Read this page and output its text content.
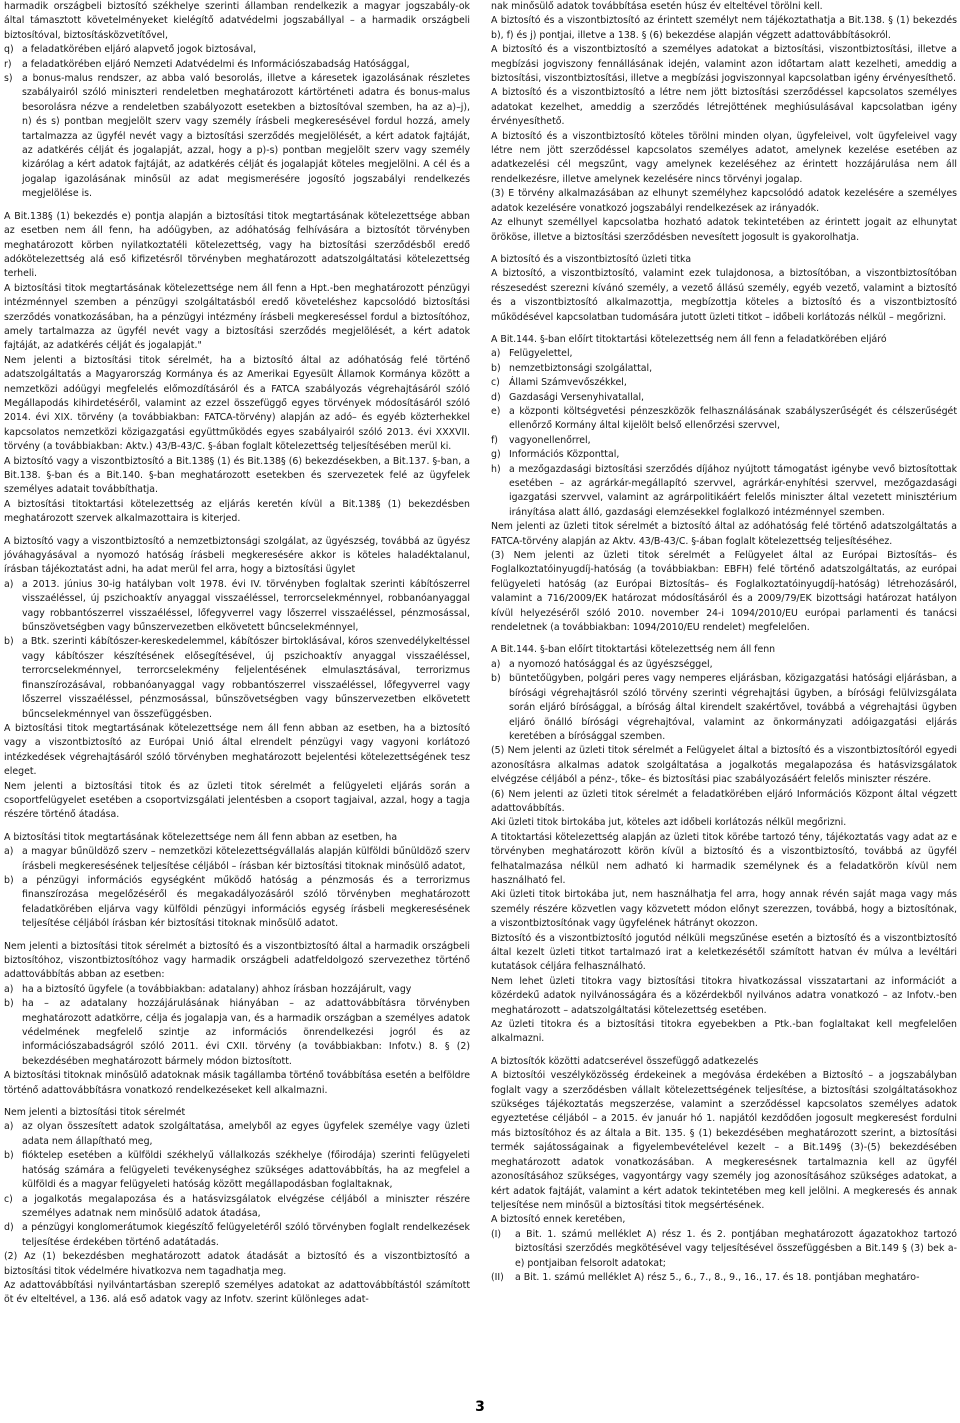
harmadik országbeli biztosító székhelye szerinti államban rendelkezik a magyar jogszabály-ok által támasztott követelményeket kielégítő adatvédelmi jogszabállyal – a harmadik országbeli biztosítóval, biztosításközvetítővel,

q) a feladatkörében eljáró alapvető jogok biztosával,
r)	a feladatkörében eljáró Nemzeti Adatvédelmi és Információszabadság Hatósággal,
s)	a bonus-malus rendszer, az abba való besorolás, illetve a káresetek igazolásának részletes szabályairól szóló miniszteri rendeletben meghatározott kártörténeti adatra és bonus-malus besorolásra nézve a rendeletben szabályozott esetekben a biztosítóval szemben, ha az a)–j), n) és s) pontban megjelölt szerv vagy személy írásbeli megkeresésével fordul hozzá, amely tartalmazza az ügyfél nevét vagy a biztosítási szerződés megjelölését, a kért adatok fajtáját, az adatkérés célját és jogalapját, azzal, hogy a p)-s) pontban megjelölt szerv vagy személy kizárólag a kért adatok fajtáját, az adatkérés célját és jogalapját köteles megjelölni. A cél és a jogalap igazolásának minősül az adat megismerésére jogosító jogszabályi rendelkezés megjelölése is.

A Bit.138§ (1) bekezdés e) pontja alapján a biztosítási titok megtartásának kötelezettsége abban az esetben nem áll fenn, ha adóügyben, az adóhatóság felhívására a biztosítót törvényben meghatározott körben nyilatkoztatéli kötelezettség, vagy ha biztosítási szerződésből eredő adókötelezettség alá eső kifizetésről törvényben meghatározott adatszolgáltatási kötelezettség terheli.

A biztosítási titok megtartásának kötelezettsége nem áll fenn a Hpt.-ben meghatározott pénzügyi intézménnyel szemben a pénzügyi szolgáltatásból eredő követeléshez kapcsolódó biztosítási szerződés vonatkozásában, ha a pénzügyi intézmény írásbeli megkereséssel fordul a biztosítóhoz, amely tartalmazza az ügyfél nevét vagy a biztosítási szerződés megjelölését, a kért adatok fajtáját, az adatkérés célját és jogalapját."

Nem jelenti a biztosítási titok sérelmét, ha a biztosító által az adóhatóság felé történő adatszolgáltatás a Magyarország Kormánya és az Amerikai Egyesült Államok Kormánya között a nemzetközi adóügyi megfelelés előmozdításáról és a FATCA szabályozás végrehajtásáról szóló Megállapodás kihirdetéséről, valamint az ezzel összefüggő egyes törvények módosításáról szóló 2014. évi XIX. törvény (a továbbiakban: FATCA-törvény) alapján az adó– és egyéb közterhekkel kapcsolatos nemzetközi közigazgatási együttműködés egyes szabályairól szóló 2013. évi XXXVII. törvény (a továbbiakban: Aktv.) 43/B-43/C. §-ában foglalt kötelezettség teljesítésében merül ki.

A biztosító vagy a viszontbiztosító a Bit.138§ (1) és Bit.138§ (6) bekezdésekben, a Bit.137. §-ban, a Bit.138. §-ban és a Bit.140. §-ban meghatározott esetekben és szervezetek felé az ügyfelek személyes adatait továbbíthatja.

A biztosítási titoktartási kötelezettség az eljárás keretén kívül a Bit.138§ (1) bekezdésben meghatározott szervek alkalmazottaira is kiterjed.

A biztosító vagy a viszontbiztosító a nemzetbiztonsági szolgálat, az ügyészség, továbbá az ügyész jóváhagyásával a nyomozó hatóság írásbeli megkeresésére akkor is köteles haladéktalanul, írásban tájékoztatást adni, ha adat merül fel arra, hogy a biztosítási ügylet

a) a 2013. június 30-ig hatályban volt 1978. évi IV. törvényben foglaltak szerinti kábítószerrel visszaéléssel, új pszichoaktív anyaggal visszaéléssel, terrorcselekménnyel, robbanóanyaggal vagy robbantószerrel visszaéléssel, lőfegyverrel vagy lőszerrel visszaéléssel, pénzmosással, bűnszövetségben vagy bűnszervezetben elkövetett bűncselekménnyel,
b) a Btk. szerinti kábítószer-kereskedelemmel, kábítószer birtoklásával, kóros szenvedélykeltéssel vagy kábítószer készítésének elősegítésével, új pszichoaktív anyaggal visszaéléssel, terrorcselekménnyel, terrorcselekmény feljelentésének elmulasztásával, terrorizmus finanszírozásával, robbanóanyaggal vagy robbantószerrel visszaéléssel, lőfegyverrel vagy lőszerrel visszaéléssel, pénzmosással, bűnszövetségben vagy bűnszervezetben elkövetett bűncselekménnyel van összefüggésben.

A biztosítási titok megtartásának kötelezettsége nem áll fenn abban az esetben, ha a biztosító vagy a viszontbiztosító az Európai Unió által elrendelt pénzügyi vagy vagyoni korlátozó intézkedések végrehajtásáról szóló törvényben meghatározott bejelentési kötelezettségének tesz eleget.

Nem jelenti a biztosítási titok és az üzleti titok sérelmét a felügyeleti eljárás során a csoportfelügyelet esetében a csoportvizsgálati jelentésben a csoport tagjaival, azzal, hogy a tagja részére történő átadása.

A biztosítási titok megtartásának kötelezettsége nem áll fenn abban az esetben, ha

a) a magyar bűnüldöző szerv – nemzetközi kötelezettségvállalás alapján külföldi bűnüldöző szerv írásbeli megkeresésének teljesítése céljából – írásban kér biztosítási titoknak minősülő adatot,
b) a pénzügyi információs egységként működő hatóság a pénzmosás és a terrorizmus finanszírozása megelőzéséről és megakadályozásáról szóló törvényben meghatározott feladatkörében eljárva vagy külföldi pénzügyi információs egység írásbeli megkeresésének teljesítése céljából írásban kér biztosítási titoknak minősülő adatot.

Nem jelenti a biztosítási titok sérelmét a biztosító és a viszontbiztosító által a harmadik országbeli biztosítóhoz, viszontbiztosítóhoz vagy harmadik országbeli adatfeldolgozó szervezethez történő adattovábbítás abban az esetben:

a) ha a biztosító ügyfele (a továbbiakban: adatalany) ahhoz írásban hozzájárult, vagy
b) ha – az adatalany hozzájárulásának hiányában – az adattovábbításra törvényben meghatározott adatkörre, célja és jogalapja van, és a harmadik országban a személyes adatok védelmének megfelelő szintje az információs önrendelkezési jogról és az információszabadságról szóló 2011. évi CXII. törvény (a továbbiakban: Infotv.) 8. § (2) bekezdésében meghatározott bármely módon biztosított.

A biztosítási titoknak minősülő adatoknak másik tagállamba történő továbbítása esetén a belföldre történő adattovábbításra vonatkozó rendelkezéseket kell alkalmazni.

Nem jelenti a biztosítási titok sérelmét

a) az olyan összesített adatok szolgáltatása, amelyből az egyes ügyfelek személye vagy üzleti adata nem állapítható meg,
b) fióktelep esetében a külföldi székhelyű vállalkozás székhelye (főirodája) szerinti felügyeleti hatóság számára a felügyeleti tevékenységhez szükséges adattovábbítás, ha az megfelel a külföldi és a magyar felügyeleti hatóság között megállapodásban foglaltaknak,
c) a jogalkotás megalapozása és a hatásvizsgálatok elvégzése céljából a miniszter részére személyes adatnak nem minősülő adatok átadása,
d) a pénzügyi konglomerátumok kiegészítő felügyeletéről szóló törvényben foglalt rendelkezések teljesítése érdekében történő adatátadás.

(2) Az (1) bekezdésben meghatározott adatok átadását a biztosító és a viszontbiztosító a biztosítási titok védelmére hivatkozva nem tagadhatja meg.

Az adattovábbítási nyilvántartásban szereplő személyes adatokat az adattovábbítástól számított öt év elteltével, a 136. alá eső adatok vagy az Infotv. szerint különleges adat-

nak minősülő adatok továbbítása esetén húsz év elteltével törölni kell.

A biztosító és a viszontbiztosító az érintett személyt nem tájékoztathatja a Bit.138. § (1) bekezdés b), f) és j) pontjai, illetve a 138. § (6) bekezdése alapján végzett adattovábbításokról.

A biztosító és a viszontbiztosító a személyes adatokat a biztosítási, viszontbiztosítási, illetve a megbízási jogviszony fennállásának idején, valamint azon időtartam alatt kezelheti, ameddig a biztosítási, viszontbiztosítási, illetve a megbízási jogviszonnyal kapcsolatban igény érvényesíthető.

A biztosító és a viszontbiztosító a létre nem jött biztosítási szerződéssel kapcsolatos személyes adatokat kezelhet, ameddig a szerződés létrejöttének meghiúsulásával kapcsolatban igény érvényesíthető.

A biztosító és a viszontbiztosító köteles törölni minden olyan, ügyfeleivel, volt ügyfeleivel vagy létre nem jött szerződéssel kapcsolatos személyes adatot, amelynek kezelése esetében az adatkezelési cél megszűnt, vagy amelynek kezeléséhez az érintett hozzájárulása nem áll rendelkezésre, illetve amelynek kezelésére nincs törvényi jogalap.

(3) E törvény alkalmazásában az elhunyt személyhez kapcsolódó adatok kezelésére a személyes adatok kezelésére vonatkozó jogszabályi rendelkezések az irányadók.

Az elhunyt személlyel kapcsolatba hozható adatok tekintetében az érintett jogait az elhunytat örököse, illetve a biztosítási szerződésben nevesített jogosult is gyakorolhatja.

A biztosító és a viszontbiztosító üzleti titka

A biztosító, a viszontbiztosító, valamint ezek tulajdonosa, a biztosítóban, a viszontbiztosítóban részesedést szerezni kívánó személy, a vezető állású személy, egyéb vezető, valamint a biztosító és a viszontbiztosító alkalmazottja, megbízottja köteles a biztosító és a viszontbiztosító működésével kapcsolatban tudomására jutott üzleti titkot – időbeli korlátozás nélkül – megőrizni.

A Bit.144. §-ban előírt titoktartási kötelezettség nem áll fenn a feladatkörében eljáró

a) Felügyelettel,
b) nemzetbiztonsági szolgálattal,
c) Állami Számvevőszékkel,
d) Gazdasági Versenyhivatallal,
e) a központi költségvetési pénzeszközök felhasználásának szabályszerűségét és célszerűségét ellenőrző Kormány által kijelölt belső ellenőrzési szervvel,
f)	vagyonellenőrrel,
g) Információs Központtal,
h) a mezőgazdasági biztosítási szerződés díjához nyújtott támogatást igénybe vevő biztosítottak esetében – az agrárkár-megállapító szervvel, agrárkár-enyhítési szervvel, mezőgazdasági igazgatási szervvel, valamint az agrárpolitikáért felelős miniszter által vezetett minisztérium irányítása alatt álló, gazdasági elemzésekkel foglalkozó intézménnyel szemben.

Nem jelenti az üzleti titok sérelmét a biztosító által az adóhatóság felé történő adatszolgáltatás a FATCA-törvény alapján az Aktv. 43/B-43/C. §-ában foglalt kötelezettség teljesítéséhez.

(3) Nem jelenti az üzleti titok sérelmét a Felügyelet által az Európai Biztosítás– és Foglalkoztatóinyugdíj-hatóság (a továbbiakban: EBFH) felé történő adatszolgáltatás, az európai felügyeleti hatóság (az Európai Biztosítás– és Foglalkoztatóinyugdíj-hatóság) létrehozásáról, valamint a 716/2009/EK határozat módosításáról és a 2009/79/EK bizottsági határozat hatályon kívül helyezéséről szóló 2010. november 24-i 1094/2010/EU európai parlamenti és tanácsi rendeletnek (a továbbiakban: 1094/2010/EU rendelet) megfelelően.

A Bit.144. §-ban előírt titoktartási kötelezettség nem áll fenn

a) a nyomozó hatósággal és az ügyészséggel,
b) büntetőügyben, polgári peres vagy nemperes eljárásban, közigazgatási hatósági eljárásban, a bírósági végrehajtásról szóló törvény szerinti végrehajtási ügyben, a bírósági felülvizsgálata során eljáró bírósággal, a bíróság által kirendelt szakértővel, továbbá a végrehajtási ügyben eljáró önálló bírósági végrehajtóval, valamint az önkormányzati adóigazgatási eljárás keretében a bírósággal szemben.

(5) Nem jelenti az üzleti titok sérelmét a Felügyelet által a biztosító és a viszontbiztosítóról egyedi azonosításra alkalmas adatok szolgáltatása a jogalkotás megalapozása és hatásvizsgálatok elvégzése céljából a pénz-, tőke– és biztosítási piac szabályozásáért felelős miniszter részére.

(6) Nem jelenti az üzleti titok sérelmét a feladatkörében eljáró Információs Központ által végzett adattovábbítás.

Aki üzleti titok birtokába jut, köteles azt időbeli korlátozás nélkül megőrizni.

A titoktartási kötelezettség alapján az üzleti titok körébe tartozó tény, tájékoztatás vagy adat az e törvényben meghatározott körön kívül a biztosító és a viszontbiztosító, továbbá az ügyfél felhatalmazása nélkül nem adható ki harmadik személynek és a feladatkörön kívül nem használható fel.

Aki üzleti titok birtokába jut, nem használhatja fel arra, hogy annak révén saját maga vagy más személy részére közvetlen vagy közvetett módon előnyt szerezzen, továbbá, hogy a biztosítónak, a viszontbiztosítónak vagy ügyfelének hátrányt okozzon.

Biztosító és a viszontbiztosító jogutód nélküli megszűnése esetén a biztosító és a viszontbiztosító által kezelt üzleti titkot tartalmazó irat a keletkezésétől számított hatvan év múlva a levéltári kutatások céljára felhasználható.

Nem lehet üzleti titokra vagy biztosítási titokra hivatkozással visszatartani az információt a közérdekű adatok nyilvánosságára és a közérdekből nyilvános adatra vonatkozó – az Infotv.-ben meghatározott – adatszolgáltatási kötelezettség esetében.

Az üzleti titokra és a biztosítási titokra egyebekben a Ptk.-ban foglaltakat kell megfelelően alkalmazni.

A biztosítók közötti adatcserével összefüggő adatkezelés

A biztosítói veszélyközösség érdekeinek a megóvása érdekében a Biztosító – a jogszabályban foglalt vagy a szerződésben vállalt kötelezettségének teljesítése, a biztosítási szolgáltatásokhoz szükséges tájékoztatás megszerzése, valamint a szerződéssel kapcsolatos személyes adatok egyeztetése céljából – a 2015. év január hó 1. napjától kezdődően jogosult megkeresést fordulni más biztosítóhoz és az általa a Bit. 135. § (1) bekezdésében meghatározott szerint, a biztosítási termék sajátosságainak a figyelembevételével kezelt – a Bit.149§ (3)-(5) bekezdésében meghatározott adatok vonatkozásában. A megkeresésnek tartalmaznia kell az ügyfél azonosításához szükséges, vagyontárgy vagy személy jog azonosításához szükséges adatokat, a kért adatok fajtáját, valamint a kért adatok tekintetében meg kell jelölni. A megkeresés és annak teljesítése nem minősül a biztosítási titok megsértésének.

A biztosító ennek keretében,

(I)	a Bit. 1. számú melléklet A) rész 1. és 2. pontjában meghatározott ágazatokhoz tartozó biztosítási szerződés megkötésével vagy teljesítésével összefüggésben a Bit.149 § (3) bek a-e) pontjaiban felsorolt adatokat;
(II)	a Bit. 1. számú melléklet A) rész 5., 6., 7., 8., 9., 16., 17. és 18. pontjában meghatáro-
3
